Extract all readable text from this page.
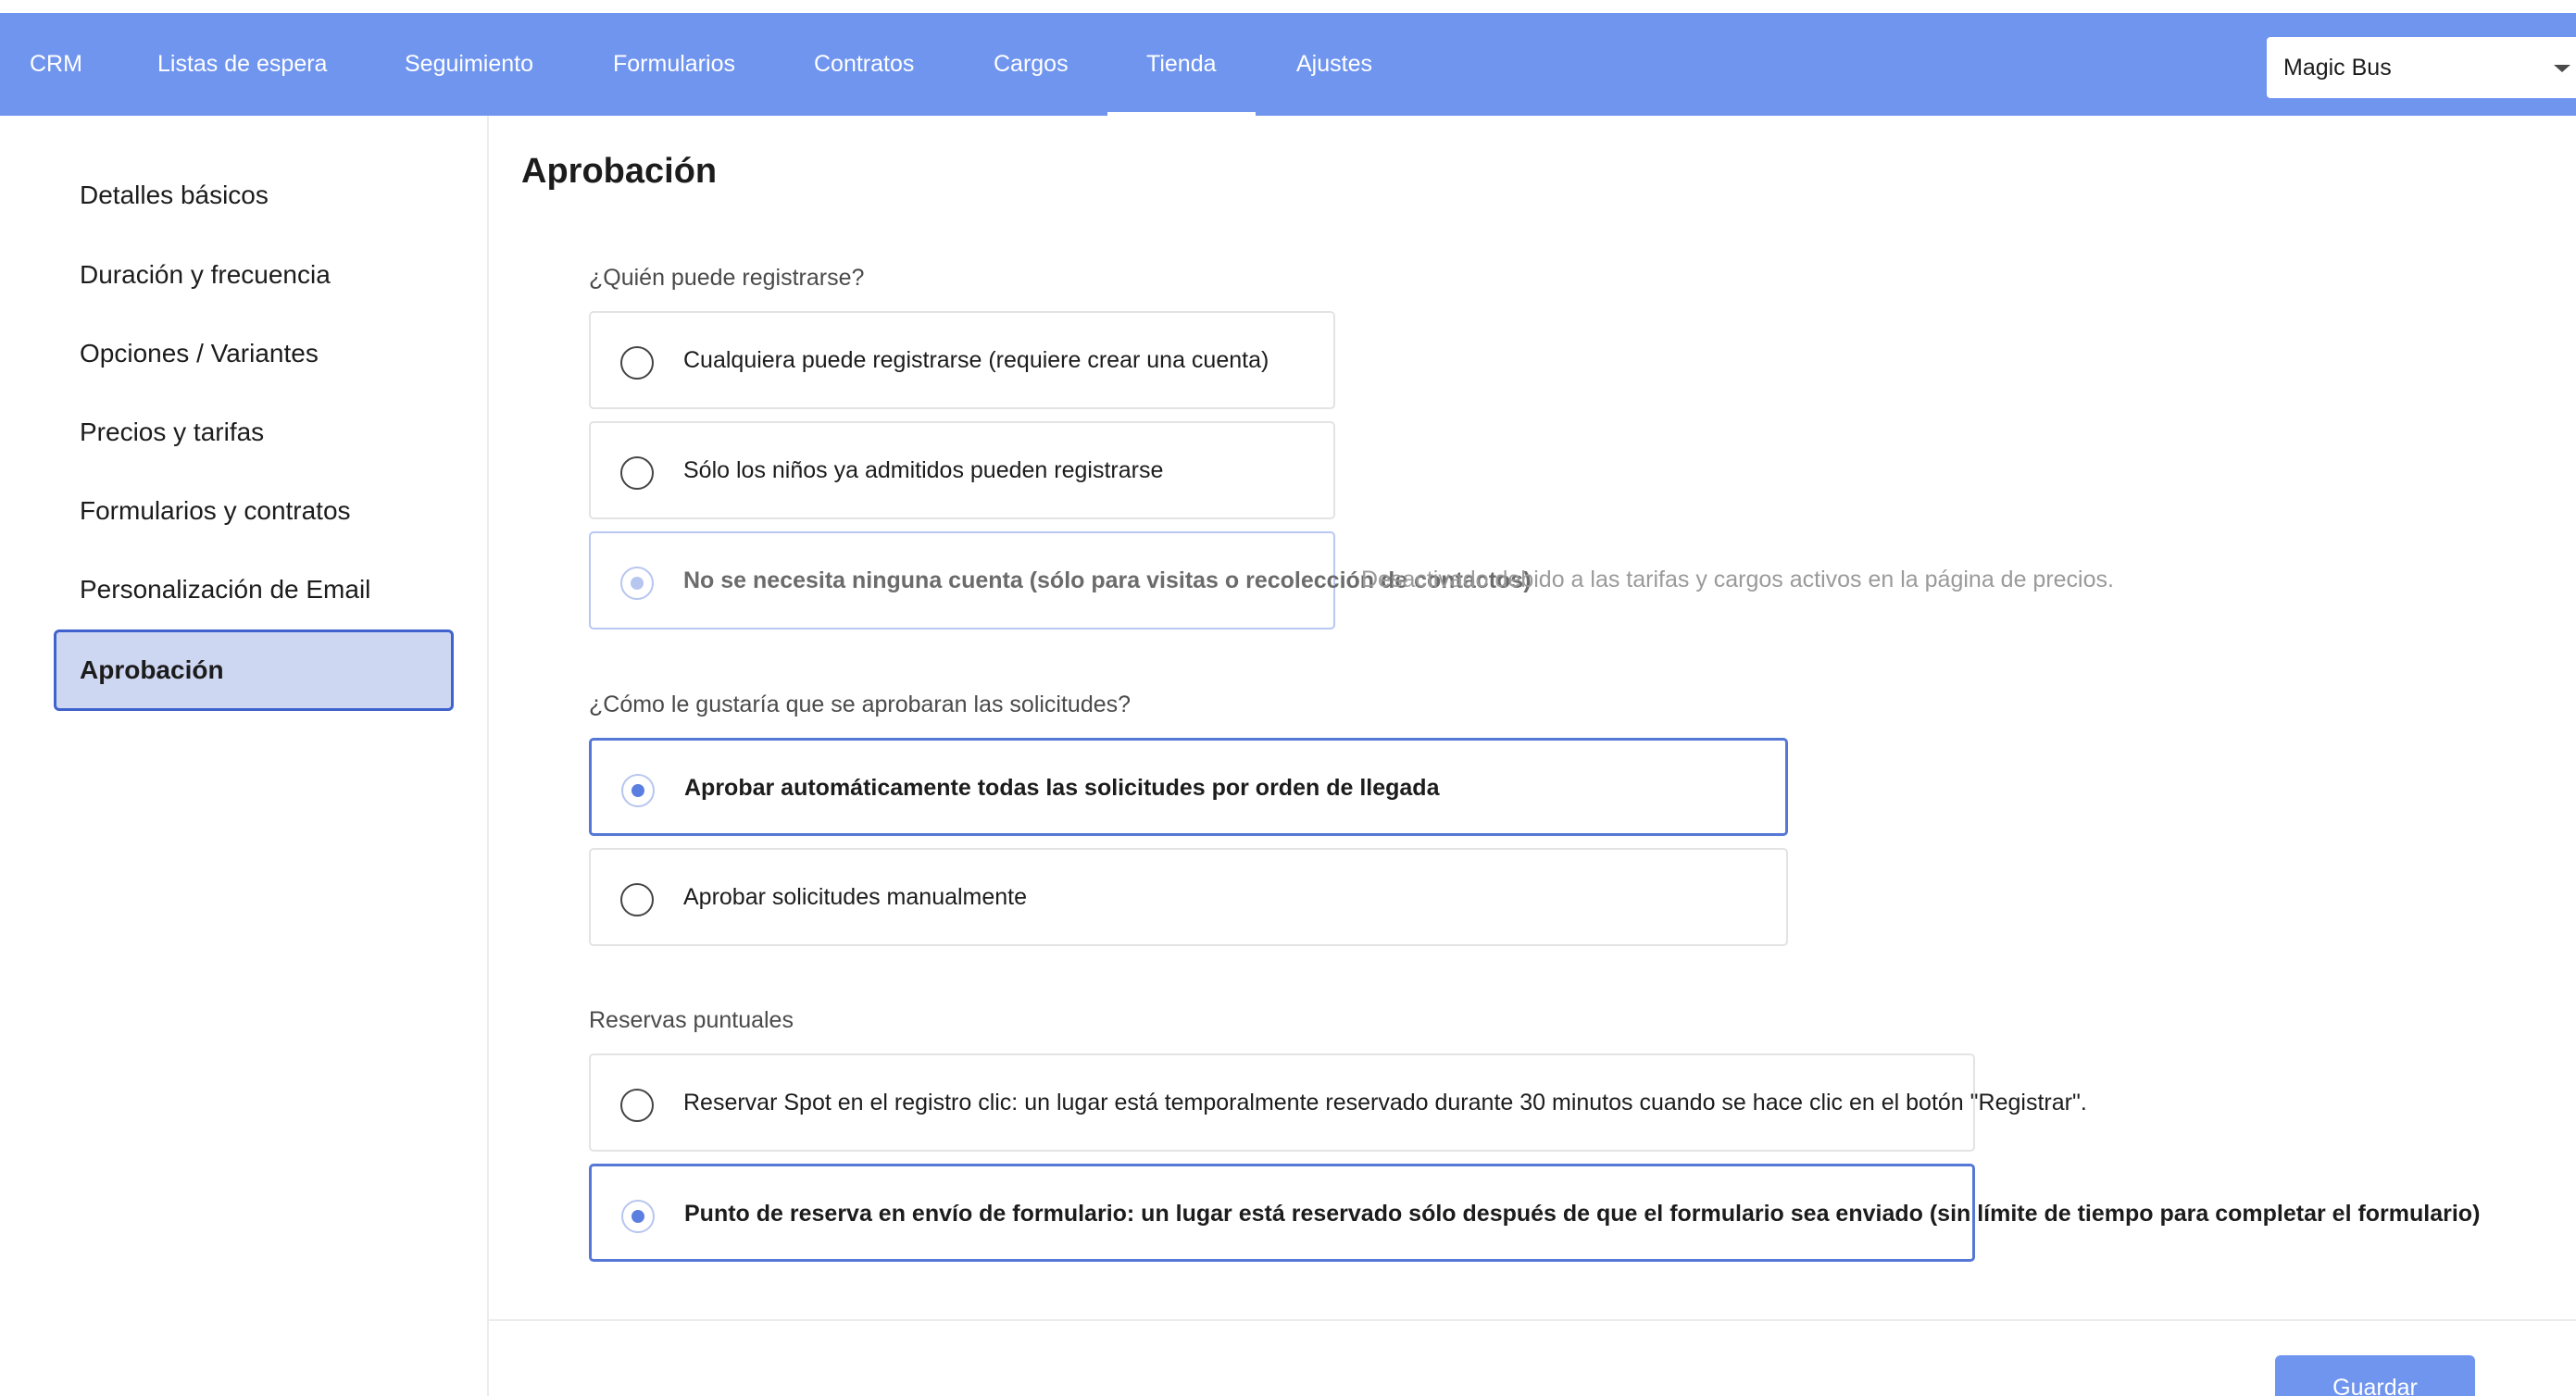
CRM	Listas de espera	Seguimiento	Formularios	Contratos	Cargos	Tienda	Ajustes	Magic Bus
Detalles básicos
Duración y frecuencia
Opciones / Variantes
Precios y tarifas
Formularios y contratos
Personalización de Email
Aprobación
Aprobación
¿Quién puede registrarse?
Cualquiera puede registrarse (requiere crear una cuenta)
Sólo los niños ya admitidos pueden registrarse
No se necesita ninguna cuenta (sólo para visitas o recolección de contactos)
Desactivado debido a las tarifas y cargos activos en la página de precios.
¿Cómo le gustaría que se aprobaran las solicitudes?
Aprobar automáticamente todas las solicitudes por orden de llegada
Aprobar solicitudes manualmente
Reservas puntuales
Reservar Spot en el registro clic: un lugar está temporalmente reservado durante 30 minutos cuando se hace clic en el botón "Registrar".
Punto de reserva en envío de formulario: un lugar está reservado sólo después de que el formulario sea enviado (sin límite de tiempo para completar el formulario)
Guardar
